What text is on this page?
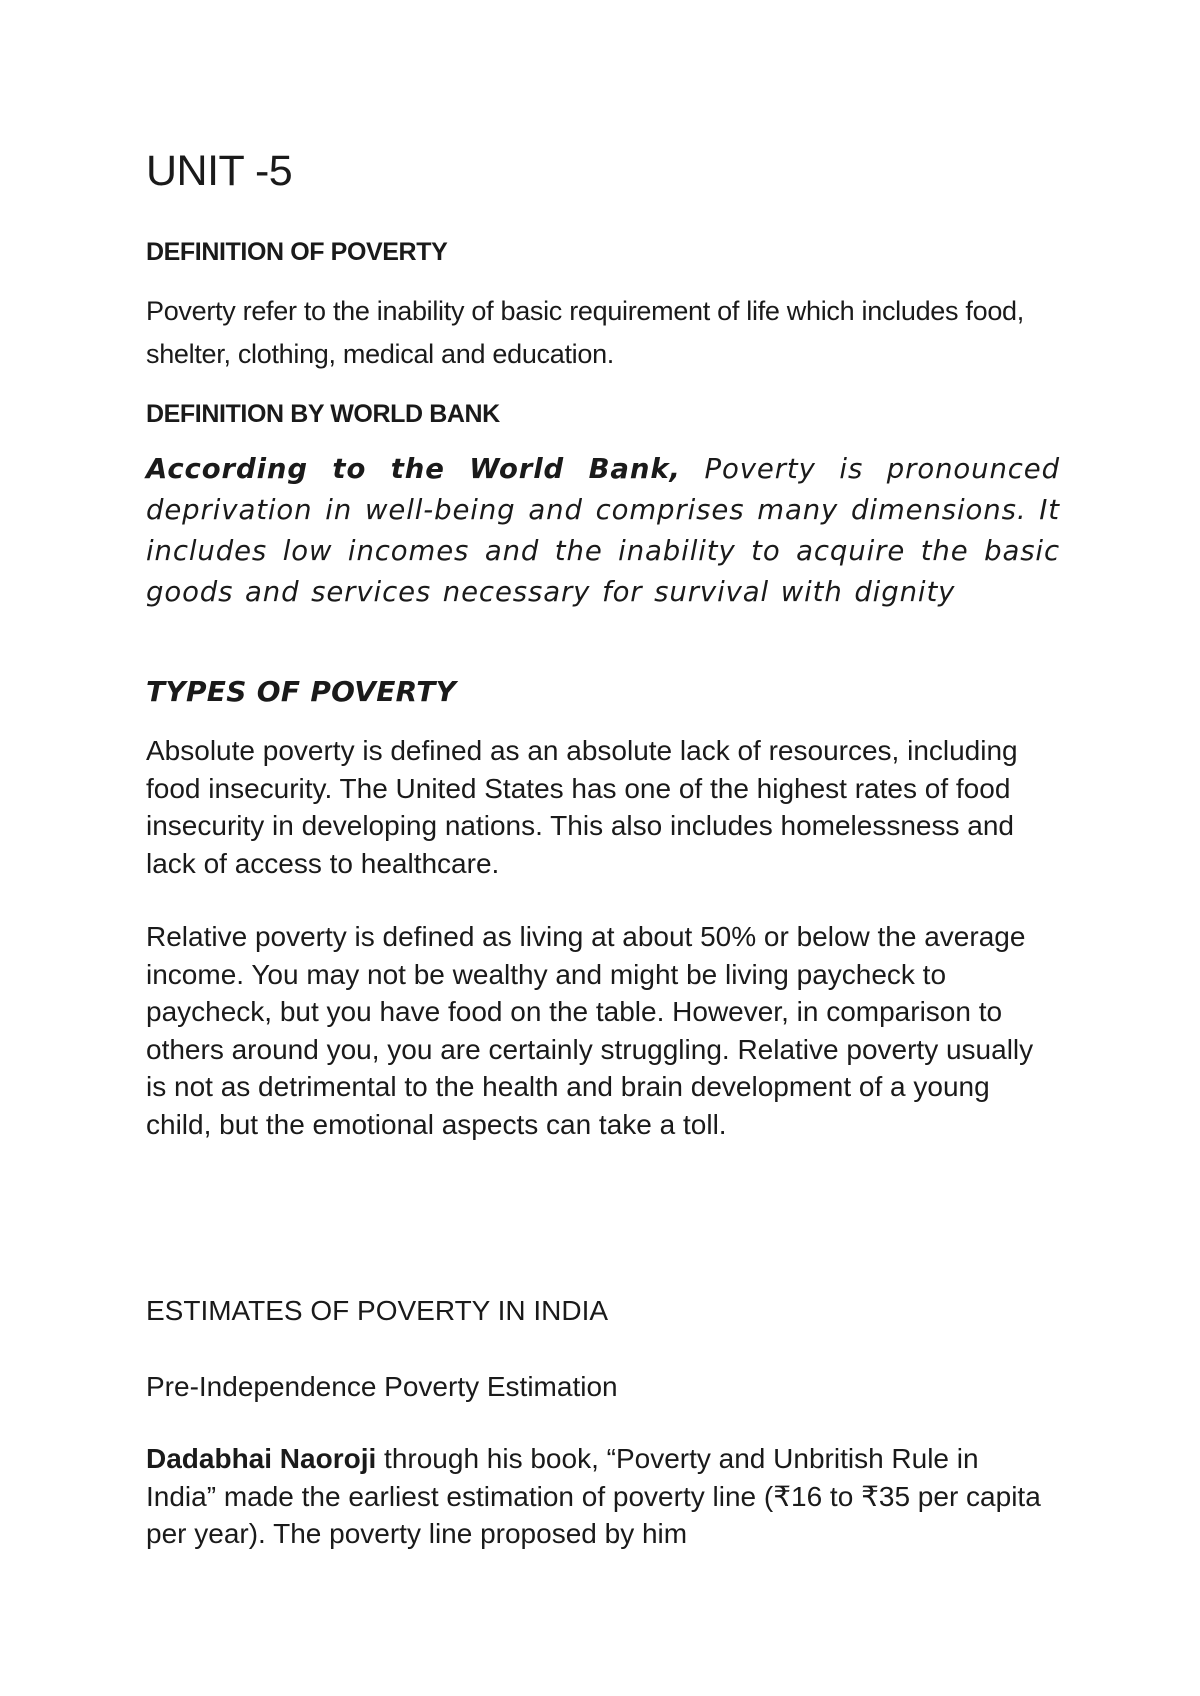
UNIT -5
DEFINITION OF POVERTY

Poverty refer to the inability of basic requirement of life which includes food, shelter, clothing, medical and education.

DEFINITION BY WORLD BANK

According to the World Bank, Poverty is pronounced deprivation in well-being and comprises many dimensions. It includes low incomes and the inability to acquire the basic goods and services necessary for survival with dignity

TYPES OF POVERTY

Absolute poverty is defined as an absolute lack of resources, including food insecurity. The United States has one of the highest rates of food insecurity in developing nations. This also includes homelessness and lack of access to healthcare.

Relative poverty is defined as living at about 50% or below the average income. You may not be wealthy and might be living paycheck to paycheck, but you have food on the table. However, in comparison to others around you, you are certainly struggling. Relative poverty usually is not as detrimental to the health and brain development of a young child, but the emotional aspects can take a toll.

ESTIMATES OF POVERTY IN INDIA
Pre-Independence Poverty Estimation

Dadabhai Naoroji through his book, “Poverty and Unbritish Rule in India” made the earliest estimation of poverty line (₹16 to ₹35 per capita per year). The poverty line proposed by him
